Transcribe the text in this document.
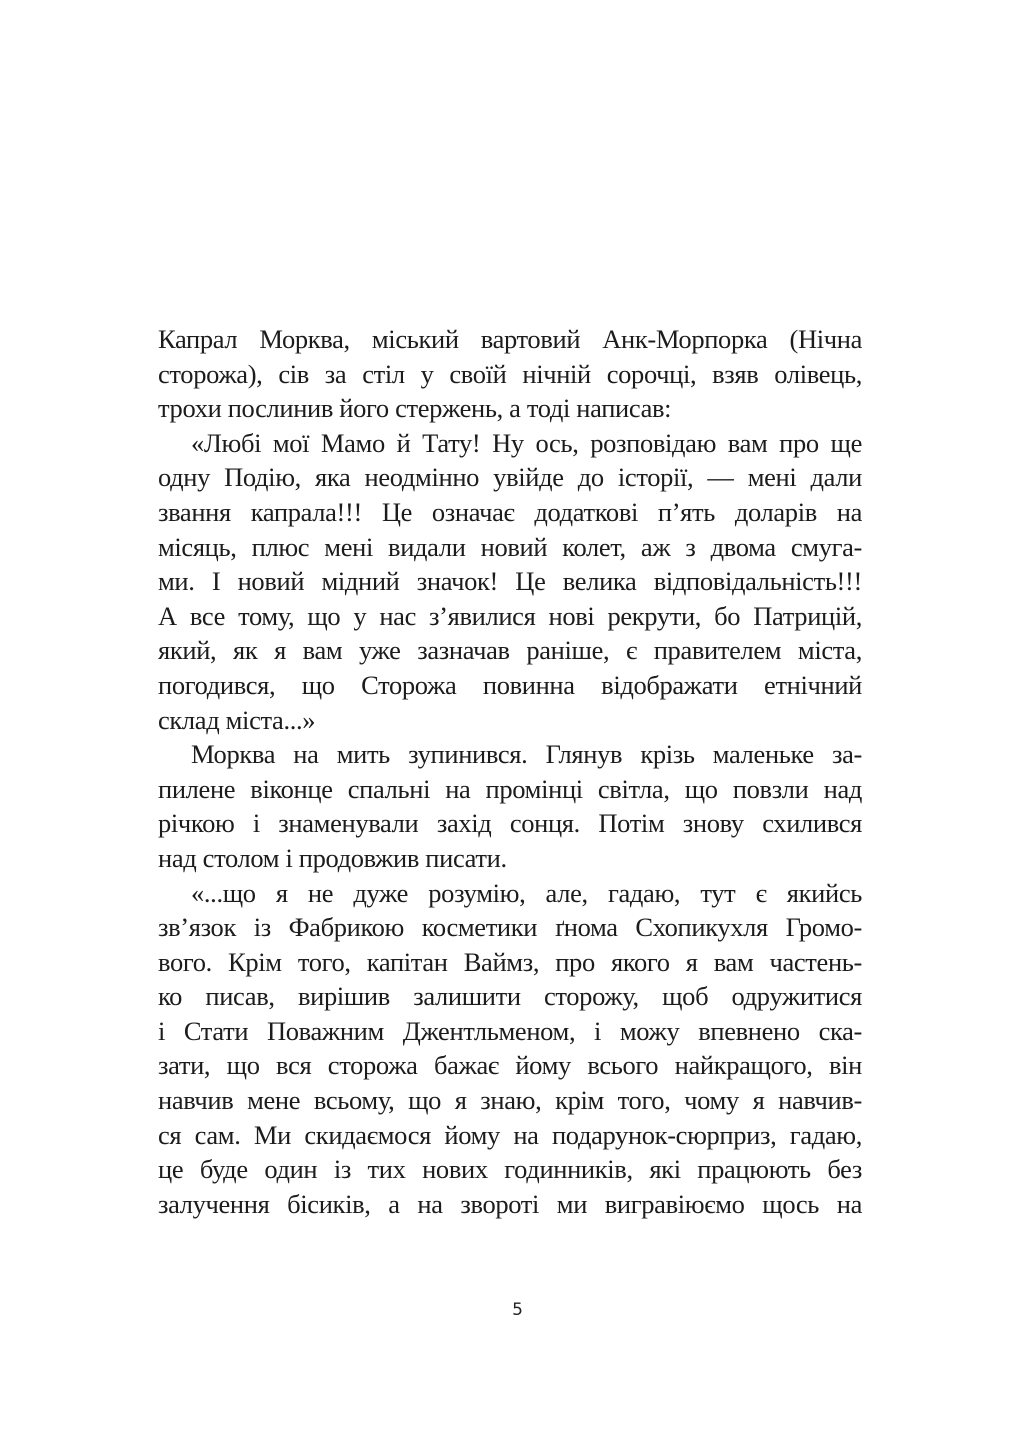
Капрал Морква, міський вартовий Анк-Морпорка (Нічна
сторожа), сів за стіл у своїй нічній сорочці, взяв олівець,
трохи послинив його стержень, а тоді написав:
«Любі мої Мамо й Тату! Ну ось, розповідаю вам про ще
одну Подію, яка неодмінно увійде до історії, — мені дали
звання капрала!!! Це означає додаткові п’ять доларів на
місяць, плюс мені видали новий колет, аж з двома смуга-
ми. І новий мідний значок! Це велика відповідальність!!!
А все тому, що у нас з’явилися нові рекрути, бо Патрицій,
який, як я вам уже зазначав раніше, є правителем міста,
погодився, що Сторожа повинна відображати етнічний
склад міста...»
Морква на мить зупинився. Глянув крізь маленьке за-
пилене віконце спальні на промінці світла, що повзли над
річкою і знаменували захід сонця. Потім знову схилився
над столом і продовжив писати.
«...що я не дуже розумію, але, гадаю, тут є якийсь
зв’язок із Фабрикою косметики ґнома Схопикухля Громо-
вого. Крім того, капітан Ваймз, про якого я вам частень-
ко писав, вирішив залишити сторожу, щоб одружитися
і Стати Поважним Джентльменом, і можу впевнено ска-
зати, що вся сторожа бажає йому всього найкращого, він
навчив мене всьому, що я знаю, крім того, чому я навчив-
ся сам. Ми скидаємося йому на подарунок-сюрприз, гадаю,
це буде один із тих нових годинників, які працюють без
залучення бісиків, а на звороті ми вигравіюємо щось на
5
